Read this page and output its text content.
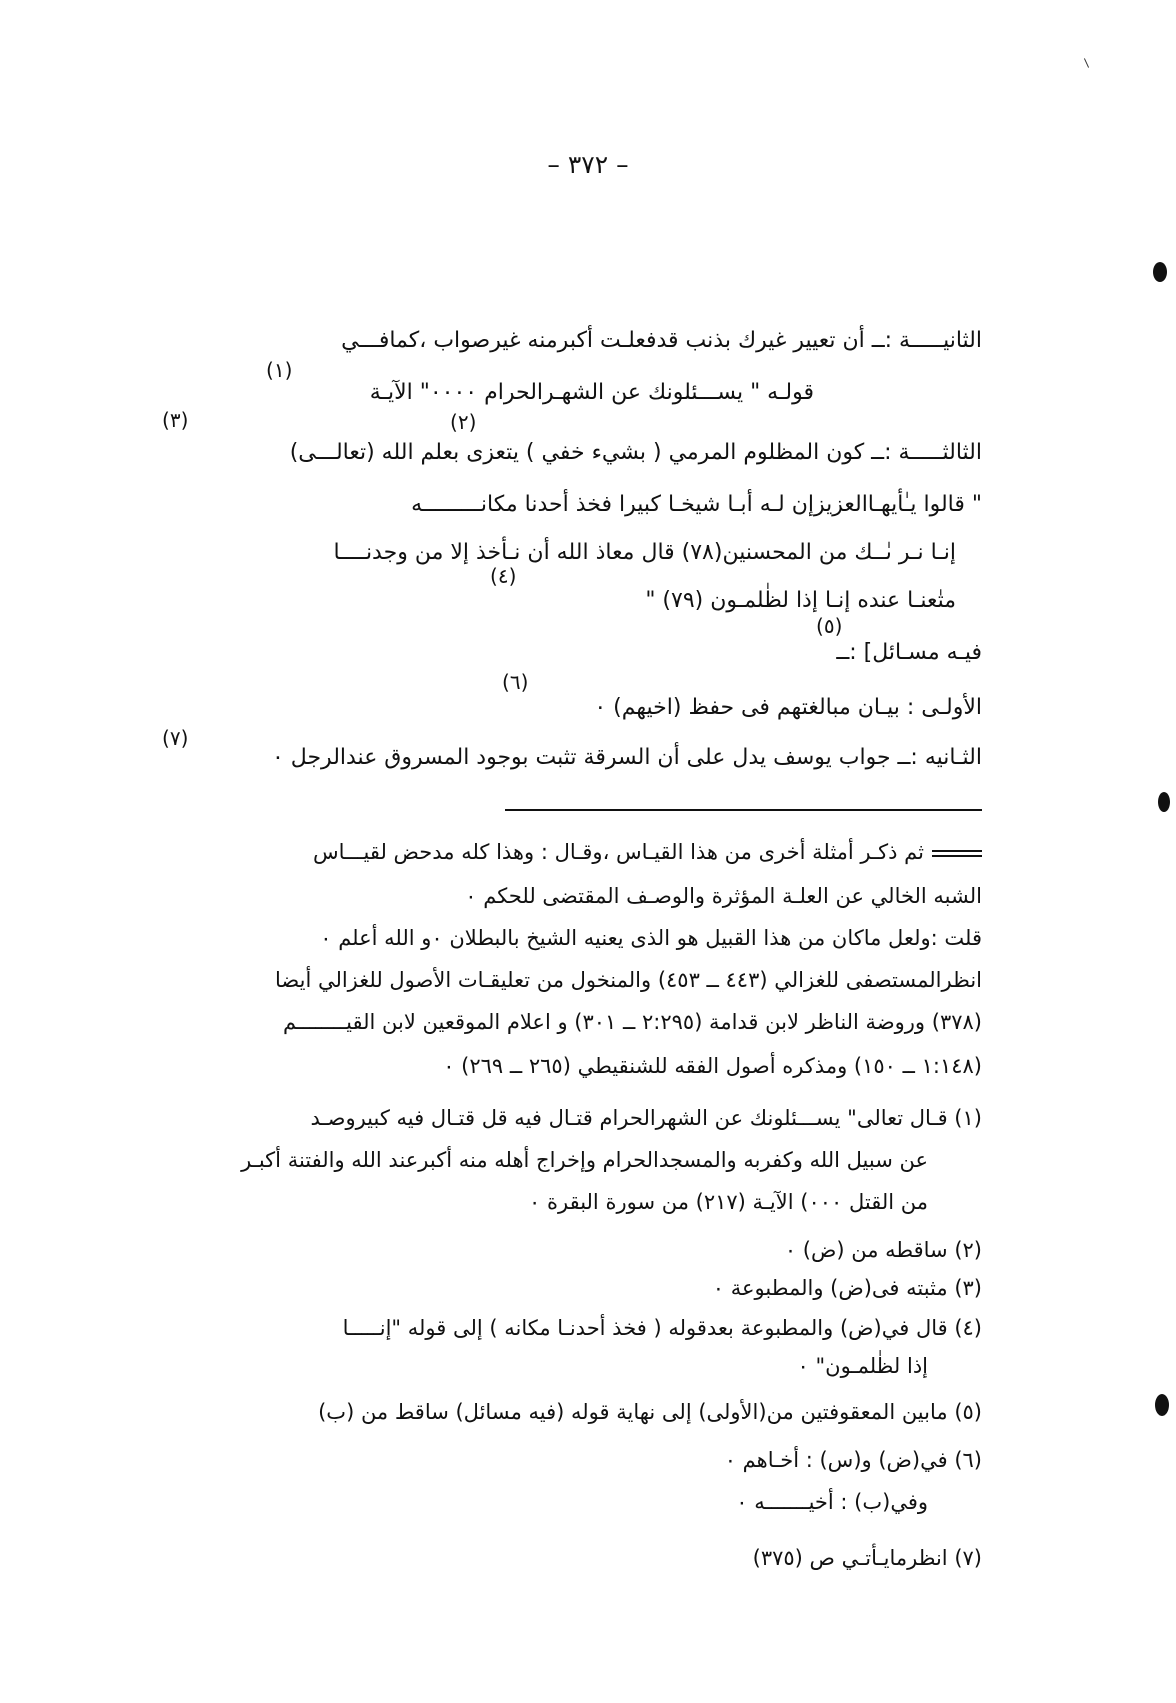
– ٣٧٢ –
الثانيـــــة :ــ أن تعيير غيرك بذنب قدفعلـت أكبرمنه غيرصواب ،كمافـــي
قولـه " يســـئلونك عن الشهـرالحرام ٠٠٠٠" الآيـة
الثالثـــــة :ــ كون المظلوم المرمي ( بشيء خفي ) يتعزى بعلم الله (تعالـــى)
" قالوا يـٰأيهـاالعزيزإن لـه أبـا شيخـا كبيرا فخذ أحدنا مكانـــــــــه
إنـا نـر ىٰــك من المحسنين(٧٨) قال معاذ الله أن نـأخذ إلا من وجدنــــا
متٰعنـا عنده إنـا إذا لظٰلمـون (٧٩) "
فيـه مسـائل] :ــ
الأولـى : بيـان مبالغتهم فى حفظ (اخيهم) ٠
الثـانيه :ــ جواب يوسف يدل على أن السرقة تثبت بوجود المسروق عندالرجل ٠
(١)
(٢)
(٣)
(٤)
(٥)
(٦)
(٧)
ثم ذكـر أمثلة أخرى من هذا القيـاس ،وقـال : وهذا كله مدحض لقيـــاس
الشبه الخالي عن العلـة المؤثرة والوصـف المقتضى للحكم ٠
قلت :ولعل ماكان من هذا القبيل هو الذى يعنيه الشيخ بالبطلان ٠و الله أعلم ٠
انظرالمستصفى للغزالي (٤٤٣ ــ ٤٥٣) والمنخول من تعليقـات الأصول للغزالي أيضا
(٣٧٨) وروضة الناظر لابن قدامة (٢:٢٩٥ ــ ٣٠١) و اعلام الموقعين لابن القيــــــــم
(١:١٤٨ ــ ١٥٠) ومذكره أصول الفقه للشنقيطي (٢٦٥ ــ ٢٦٩) ٠
(١) قـال تعالى" يســـئلونك عن الشهرالحرام قتـال فيه قل قتـال فيه كبيروصـد
عن سبيل الله وكفربه والمسجدالحرام وإخراج أهله منه أكبرعند الله والفتنة أكبـر
من القتل ٠٠٠) الآيـة (٢١٧) من سورة البقرة ٠
(٢) ساقطه من (ض) ٠
(٣) مثبته فى(ض) والمطبوعة ٠
(٤) قال في(ض) والمطبوعة بعدقوله ( فخذ أحدنـا مكانه ) إلى قوله "إنـــــا
إذا لظٰلمـون" ٠
(٥) مابين المعقوفتين من(الأولى) إلى نهاية قوله (فيه مسائل) ساقط من (ب)
(٦) في(ض) و(س) : أخـاهم ٠
وفي(ب) : أخيـــــــه ٠
(٧) انظرمايـأتـي ص (٣٧٥)
